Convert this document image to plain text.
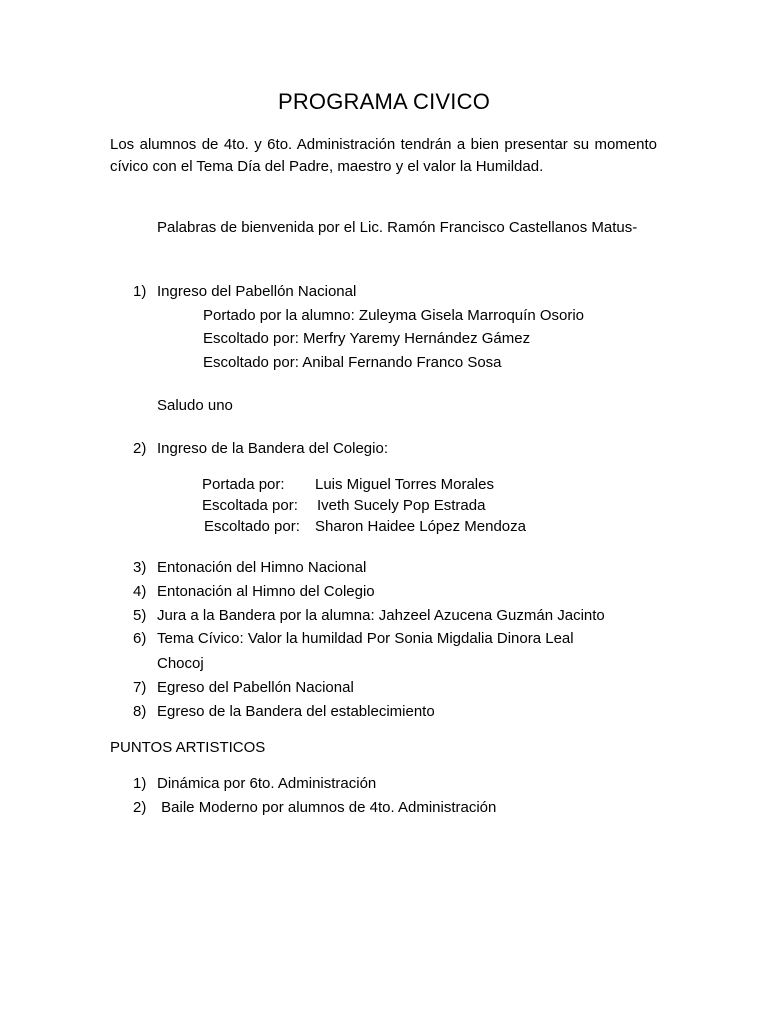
PROGRAMA CIVICO
Los alumnos de 4to. y 6to. Administración tendrán a bien presentar su momento cívico con el Tema Día del Padre, maestro y el valor la Humildad.
Palabras de bienvenida por el Lic. Ramón Francisco Castellanos Matus-
1) Ingreso del Pabellón Nacional
Portado por la alumno: Zuleyma Gisela Marroquín Osorio
Escoltado por: Merfry Yaremy Hernández Gámez
Escoltado por: Anibal Fernando Franco Sosa
Saludo uno
2) Ingreso de la Bandera del Colegio:
Portada por: Luis Miguel Torres Morales
Escoltada por: Iveth Sucely Pop Estrada
Escoltado por: Sharon Haidee López Mendoza
3) Entonación del Himno Nacional
4) Entonación al Himno del Colegio
5) Jura a la Bandera por la alumna: Jahzeel Azucena Guzmán Jacinto
6) Tema Cívico: Valor la humildad Por Sonia Migdalia Dinora Leal
Chocoj
7) Egreso del Pabellón Nacional
8) Egreso de la Bandera del establecimiento
PUNTOS ARTISTICOS
1) Dinámica por 6to. Administración
2) Baile Moderno por alumnos de 4to. Administración
